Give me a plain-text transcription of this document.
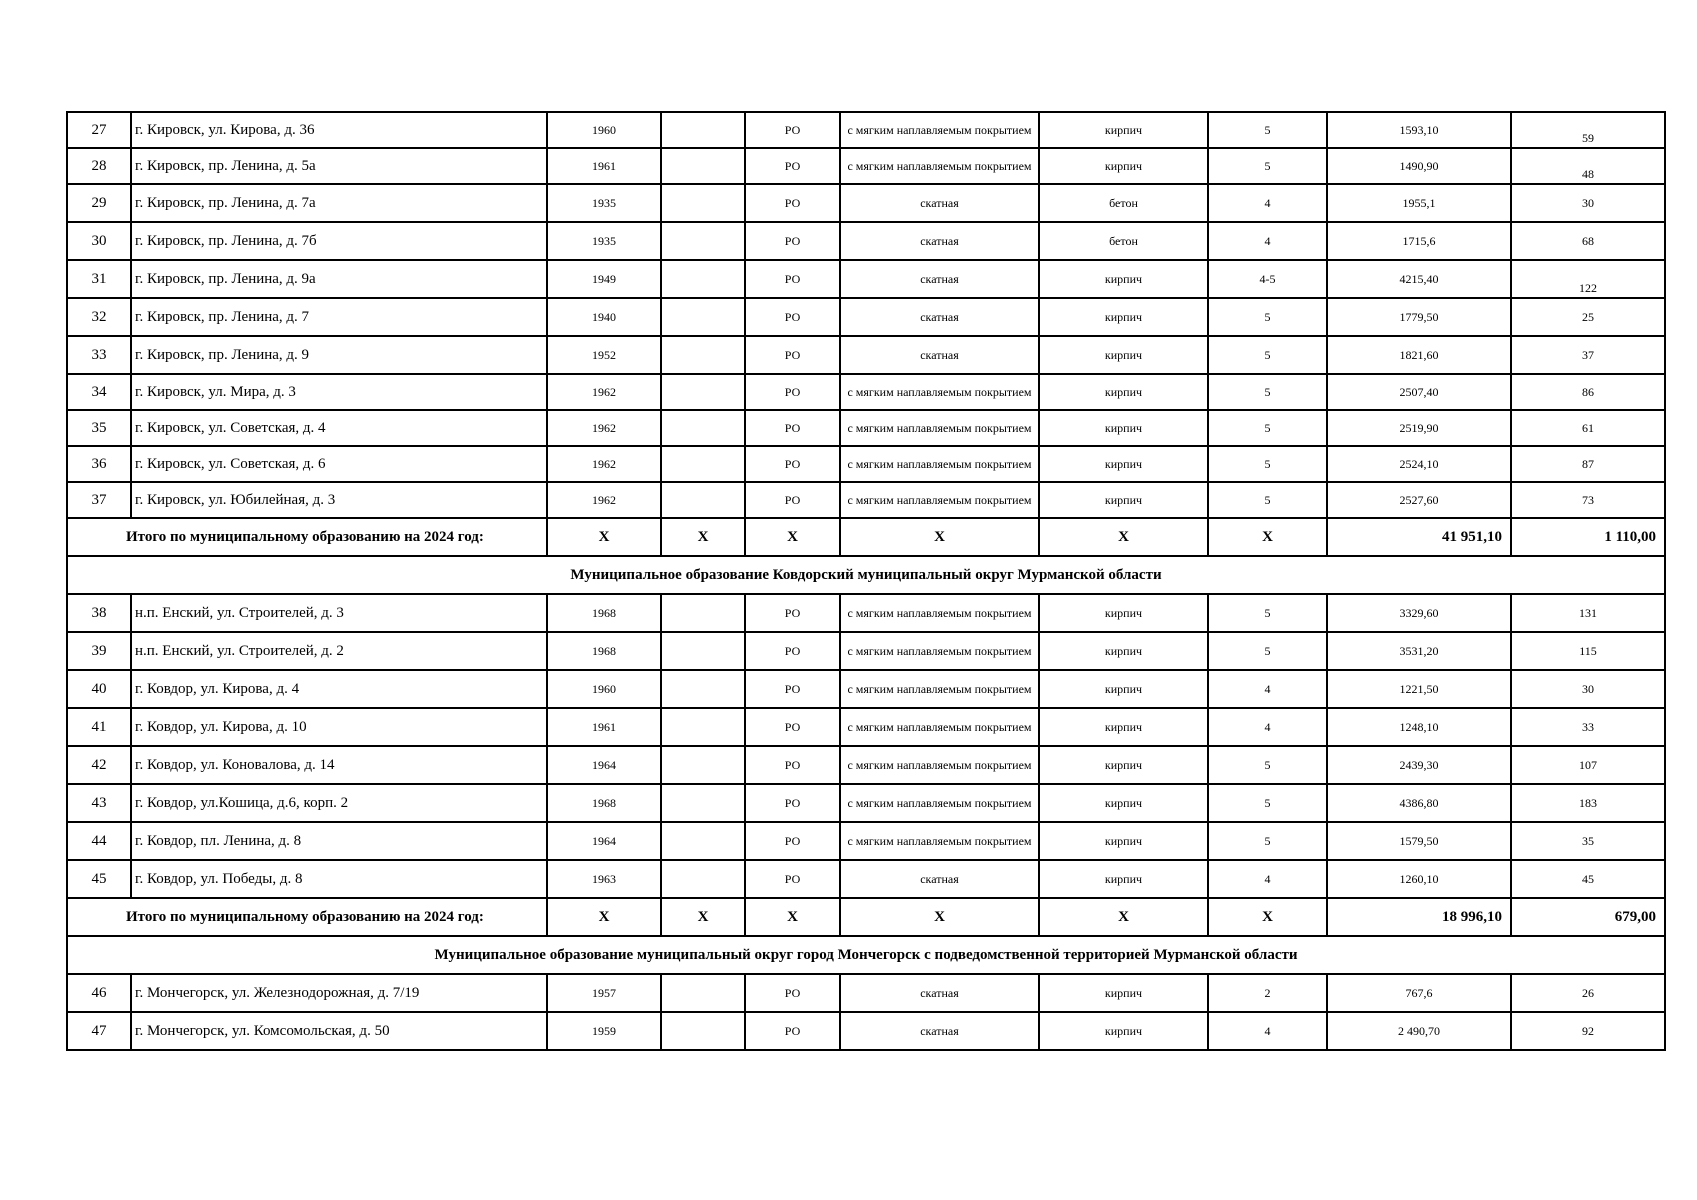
27	г. Кировск, ул. Кирова, д. 36	1960		РО	с мягким наплавляемым покрытием	кирпич	5	1593,10	59
28	г. Кировск, пр. Ленина, д. 5а	1961		РО	с мягким наплавляемым покрытием	кирпич	5	1490,90	48
29	г. Кировск, пр. Ленина, д. 7а	1935		РО	скатная	бетон	4	1955,1	30
30	г. Кировск, пр. Ленина, д. 7б	1935		РО	скатная	бетон	4	1715,6	68
31	г. Кировск, пр. Ленина, д. 9а	1949		РО	скатная	кирпич	4-5	4215,40	122
32	г. Кировск, пр. Ленина, д. 7	1940		РО	скатная	кирпич	5	1779,50	25
33	г. Кировск, пр. Ленина, д. 9	1952		РО	скатная	кирпич	5	1821,60	37
34	г. Кировск, ул. Мира, д. 3	1962		РО	с мягким наплавляемым покрытием	кирпич	5	2507,40	86
35	г. Кировск, ул. Советская, д. 4	1962		РО	с мягким наплавляемым покрытием	кирпич	5	2519,90	61
36	г. Кировск, ул. Советская, д. 6	1962		РО	с мягким наплавляемым покрытием	кирпич	5	2524,10	87
37	г. Кировск, ул. Юбилейная, д. 3	1962		РО	с мягким наплавляемым покрытием	кирпич	5	2527,60	73
Итого по муниципальному образованию на 2024 год:		X	X	X	X	X	X	41 951,10	1 110,00
Муниципальное образование Ковдорский муниципальный округ Мурманской области									
38	н.п. Енский, ул. Строителей, д. 3	1968		РО	с мягким наплавляемым покрытием	кирпич	5	3329,60	131
39	н.п. Енский, ул. Строителей, д. 2	1968		РО	с мягким наплавляемым покрытием	кирпич	5	3531,20	115
40	г. Ковдор, ул. Кирова, д. 4	1960		РО	с мягким наплавляемым покрытием	кирпич	4	1221,50	30
41	г. Ковдор, ул. Кирова, д. 10	1961		РО	с мягким наплавляемым покрытием	кирпич	4	1248,10	33
42	г. Ковдор, ул. Коновалова, д. 14	1964		РО	с мягким наплавляемым покрытием	кирпич	5	2439,30	107
43	г. Ковдор, ул.Кошица, д.6, корп. 2	1968		РО	с мягким наплавляемым покрытием	кирпич	5	4386,80	183
44	г. Ковдор, пл. Ленина, д. 8	1964		РО	с мягким наплавляемым покрытием	кирпич	5	1579,50	35
45	г. Ковдор, ул. Победы, д. 8	1963		РО	скатная	кирпич	4	1260,10	45
Итого по муниципальному образованию на 2024 год:		X	X	X	X	X	X	18 996,10	679,00
Муниципальное образование муниципальный округ город Мончегорск с подведомственной территорией Мурманской области									
46	г. Мончегорск, ул. Железнодорожная, д. 7/19	1957		РО	скатная	кирпич	2	767,6	26
47	г. Мончегорск, ул. Комсомольская, д. 50	1959		РО	скатная	кирпич	4	2 490,70	92
